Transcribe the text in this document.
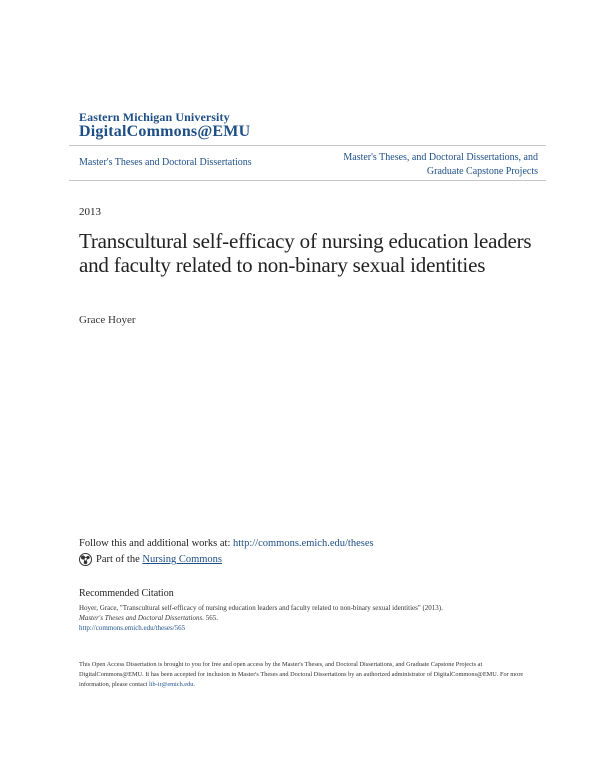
Eastern Michigan University
DigitalCommons@EMU
Master's Theses and Doctoral Dissertations	Master's Theses, and Doctoral Dissertations, and
Graduate Capstone Projects
2013
Transcultural self-efficacy of nursing education leaders and faculty related to non-binary sexual identities
Grace Hoyer
Follow this and additional works at: http://commons.emich.edu/theses
Part of the
Nursing Commons
Recommended Citation
Hoyer, Grace, "Transcultural self-efficacy of nursing education leaders and faculty related to non-binary sexual identities" (2013).
Master's Theses and Doctoral Dissertations. 565.
http://commons.emich.edu/theses/565
This Open Access Dissertation is brought to you for free and open access by the Master's Theses, and Doctoral Dissertations, and Graduate Capstone Projects at DigitalCommons@EMU. It has been accepted for inclusion in Master's Theses and Doctoral Dissertations by an authorized administrator of DigitalCommons@EMU. For more information, please contact lib-ir@emich.edu.
